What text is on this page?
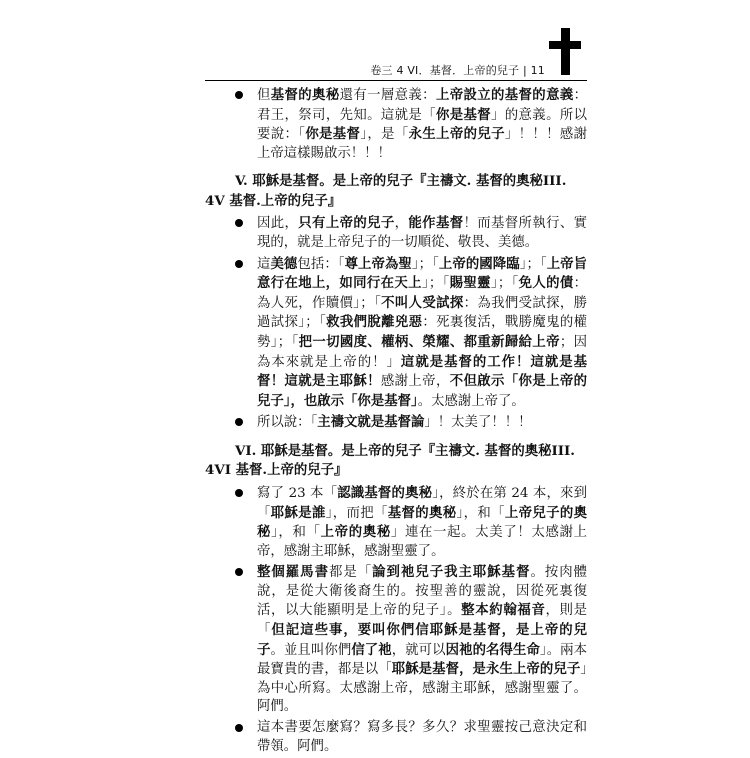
卷三 4 VI．基督．上帝的兒子 | 11
但基督的奧秘還有一層意義：上帝設立的基督的意義：君王，祭司，先知。這就是「你是基督」的意義。所以要說：「你是基督」，是「永生上帝的兒子」！！！感謝上帝這樣賜啟示！！！
V. 耶穌是基督。是上帝的兒子『主禱文. 基督的奧秘III. 4V 基督.上帝的兒子』
因此，只有上帝的兒子，能作基督！而基督所執行、實現的，就是上帝兒子的一切順從、敬畏、美德。
這美德包括：「尊上帝為聖」；「上帝的國降臨」；「上帝旨意行在地上，如同行在天上」；「賜聖靈」；「免人的債：為人死，作贖價」；「不叫人受試探：為我們受試探，勝過試探」；「救我們脫離兇惡：死裏復活，戰勝魔鬼的權勢」；「把一切國度、權柄、榮耀、都重新歸給上帝；因為本來就是上帝的！」這就是基督的工作！這就是基督！這就是主耶穌！感謝上帝，不但啟示「你是上帝的兒子」，也啟示「你是基督」。太感謝上帝了。
所以說：「主禱文就是基督論」！太美了！！！
VI. 耶穌是基督。是上帝的兒子『主禱文. 基督的奧秘III. 4VI 基督.上帝的兒子』
寫了 23 本「認識基督的奧秘」，終於在第 24 本，來到「耶穌是誰」，而把「基督的奧秘」，和「上帝兒子的奧秘」，和「上帝的奧秘」連在一起。太美了！太感謝上帝，感謝主耶穌，感謝聖靈了。
整個羅馬書都是「論到祂兒子我主耶穌基督。按肉體說，是從大衛後裔生的。按聖善的靈說，因從死裏復活，以大能顯明是上帝的兒子」。整本約翰福音，則是「但記這些事，要叫你們信耶穌是基督，是上帝的兒子。並且叫你們信了祂，就可以因祂的名得生命」。兩本最寶貴的書，都是以「耶穌是基督，是永生上帝的兒子」為中心所寫。太感謝上帝，感謝主耶穌，感謝聖靈了。阿們。
這本書要怎麼寫？寫多長？多久？求聖靈按己意決定和帶領。阿們。
